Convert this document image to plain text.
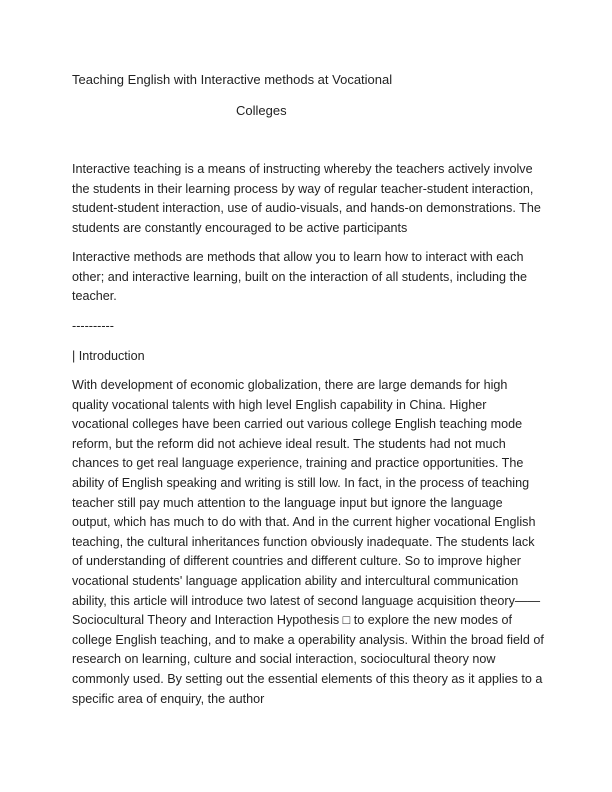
Teaching English with Interactive methods at Vocational
Colleges

Interactive teaching is a means of instructing whereby the teachers actively involve the students in their learning process by way of regular teacher-student interaction, student-student interaction, use of audio-visuals, and hands-on demonstrations. The students are constantly encouraged to be active participants

Interactive methods are methods that allow you to learn how to interact with each other; and interactive learning, built on the interaction of all students, including the teacher.

----------

| Introduction

With development of economic globalization, there are large demands for high quality vocational talents with high level English capability in China. Higher vocational colleges have been carried out various college English teaching mode reform, but the reform did not achieve ideal result. The students had not much chances to get real language experience, training and practice opportunities. The ability of English speaking and writing is still low. In fact, in the process of teaching teacher still pay much attention to the language input but ignore the language output, which has much to do with that. And in the current higher vocational English teaching, the cultural inheritances function obviously inadequate. The students lack of understanding of different countries and different culture. So to improve higher vocational students' language application ability and intercultural communication ability, this article will introduce two latest of second language acquisition theory—— Sociocultural Theory and Interaction Hypothesis □ to explore the new modes of college English teaching, and to make a operability analysis. Within the broad field of research on learning, culture and social interaction, sociocultural theory now commonly used. By setting out the essential elements of this theory as it applies to a specific area of enquiry, the author
